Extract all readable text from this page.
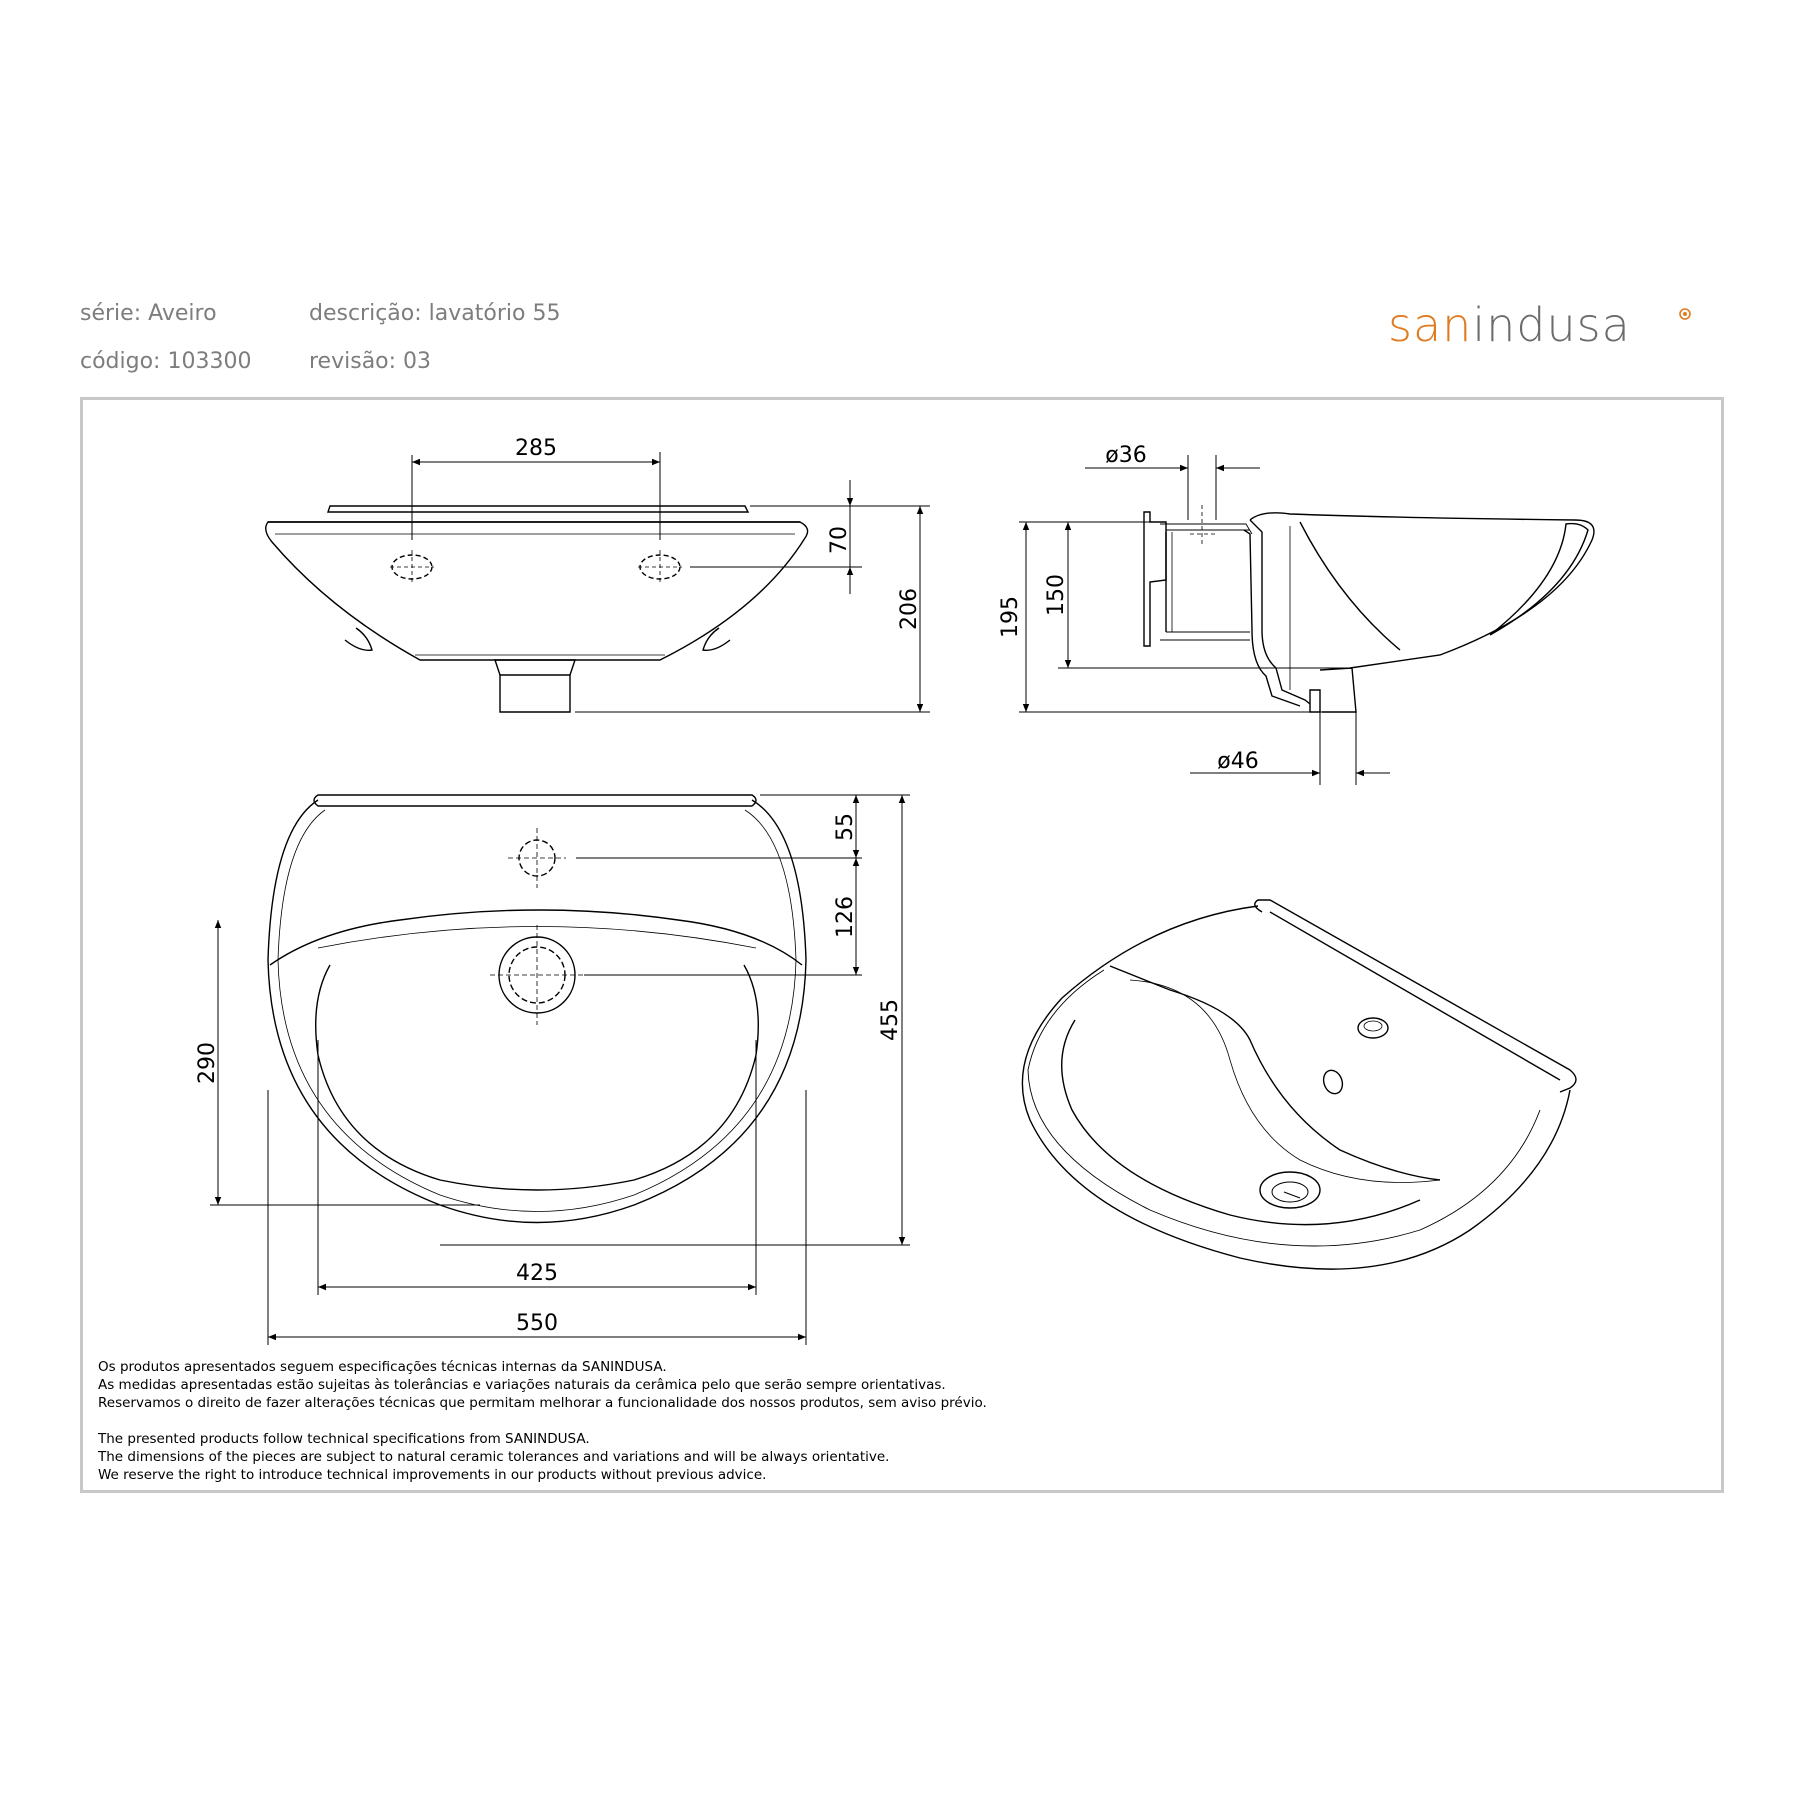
série: Aveiro	descrição: lavatório 55
código: 103300	revisão: 03
sanindusa
285
70
206
ø36
195
150
ø46
55
126
455
290
425
550

Os produtos apresentados seguem especificações técnicas internas da SANINDUSA.

As medidas apresentadas estão sujeitas às tolerâncias e variações naturais da cerâmica pelo que serão sempre orientativas.

Reservamos o direito de fazer alterações técnicas que permitam melhorar a funcionalidade dos nossos produtos, sem aviso prévio.

The presented products follow technical specifications from SANINDUSA.

The dimensions of the pieces are subject to natural ceramic tolerances and variations and will be always orientative.

We reserve the right to introduce technical improvements in our products without previous advice.
